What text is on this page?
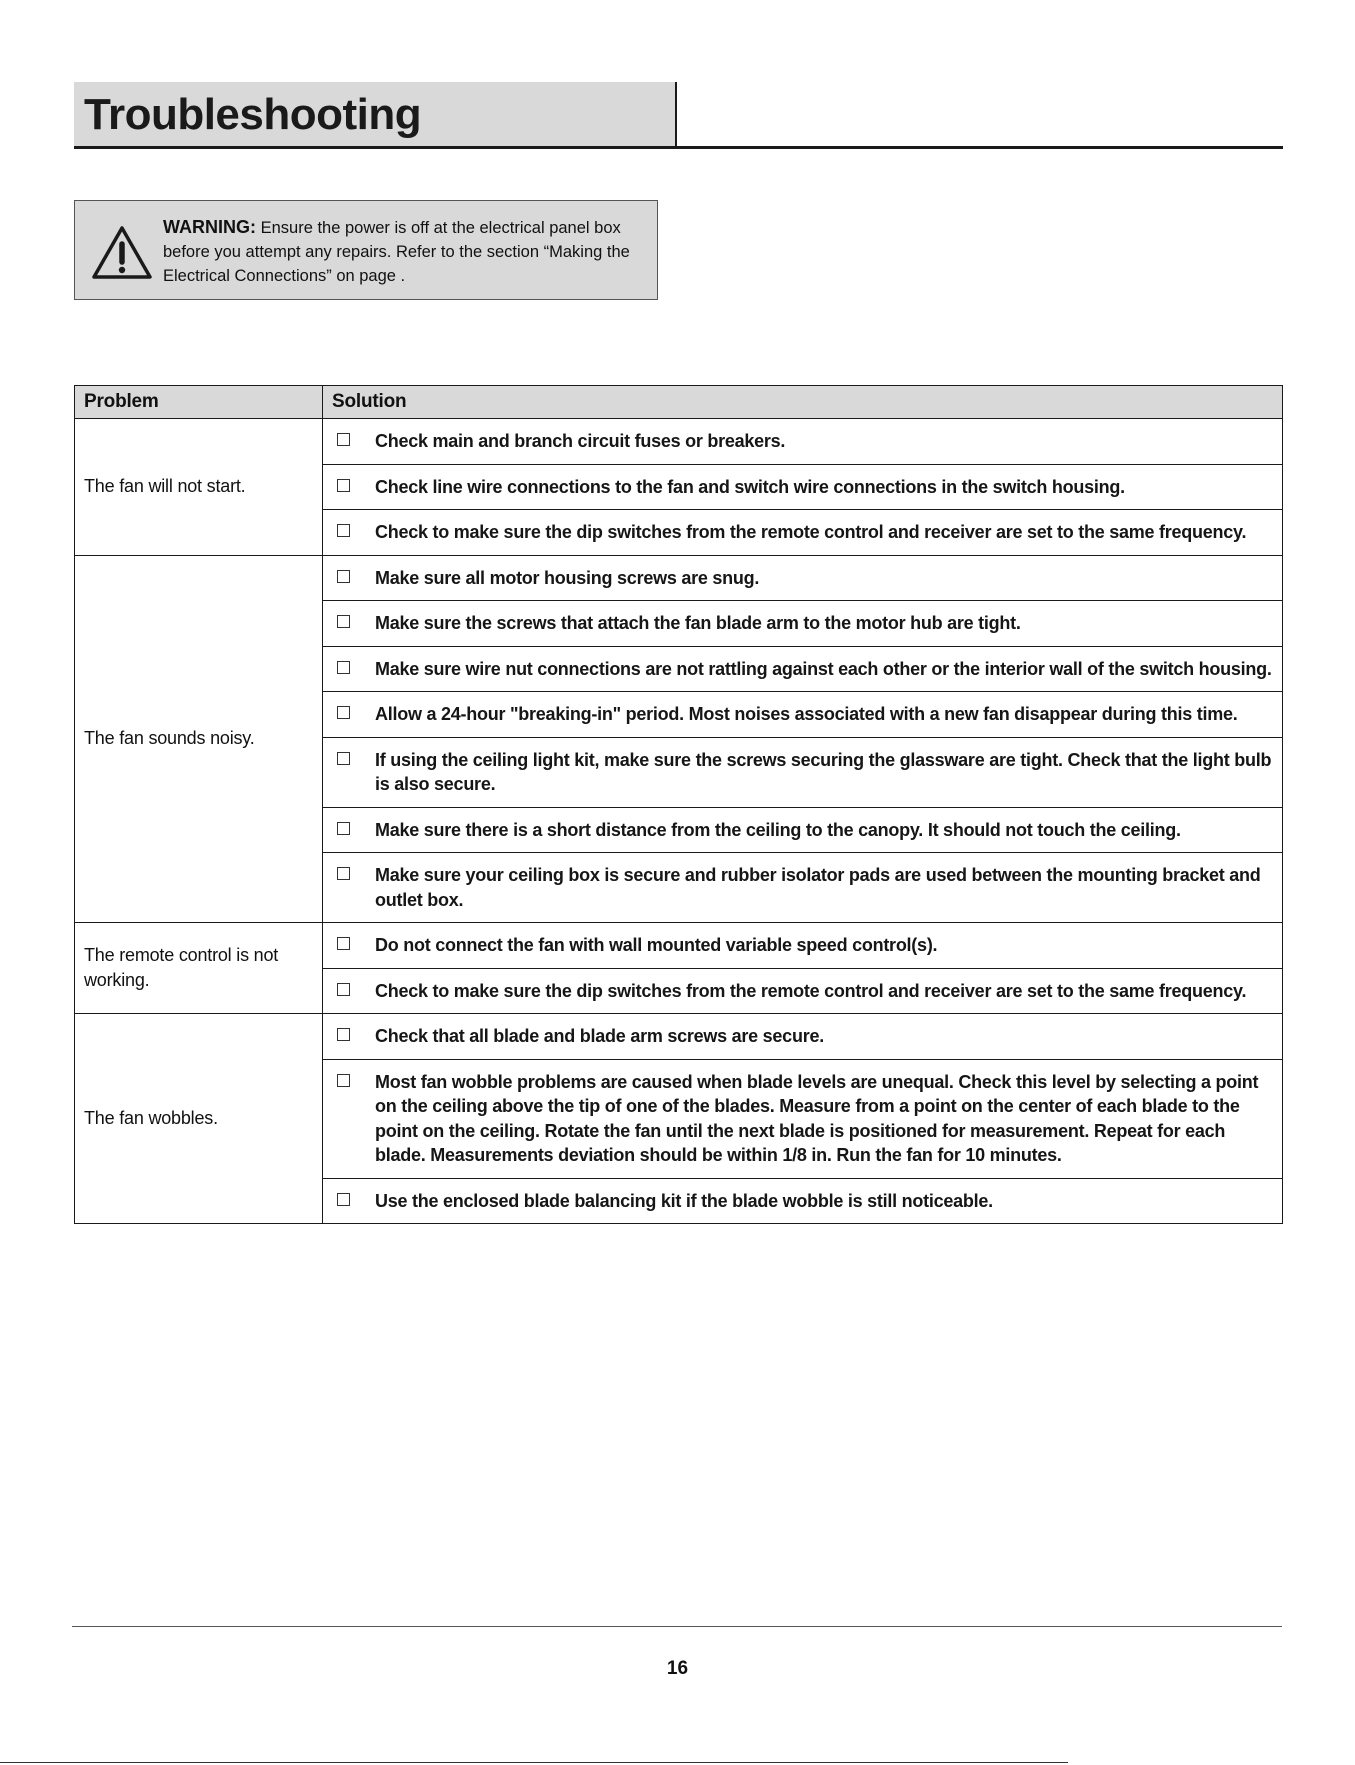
Troubleshooting
WARNING: Ensure the power is off at the electrical panel box before you attempt any repairs. Refer to the section “Making the Electrical Connections” on page .
Problem	Solution
The fan will not start.	Check main and branch circuit fuses or breakers.

Check line wire connections to the fan and switch wire connections in the switch housing.

Check to make sure the dip switches from the remote control and receiver are set to the same frequency.

The fan sounds noisy.	Make sure all motor housing screws are snug.

Make sure the screws that attach the fan blade arm to the motor hub are tight.

Make sure wire nut connections are not rattling against each other or the interior wall of the switch housing.

Allow a 24-hour "breaking-in" period. Most noises associated with a new fan disappear during this time.

If using the ceiling light kit, make sure the screws securing the glassware are tight. Check that the light bulb is also secure.

Make sure there is a short distance from the ceiling to the canopy. It should not touch the ceiling.

Make sure your ceiling box is secure and rubber isolator pads are used between the mounting bracket and outlet box.

The remote control is not working.	Do not connect the fan with wall mounted variable speed control(s).

Check to make sure the dip switches from the remote control and receiver are set to the same frequency.

The fan wobbles.	Check that all blade and blade arm screws are secure.

Most fan wobble problems are caused when blade levels are unequal. Check this level by selecting a point on the ceiling above the tip of one of the blades. Measure from a point on the center of each blade to the point on the ceiling. Rotate the fan until the next blade is positioned for measurement. Repeat for each blade. Measurements deviation should be within 1/8 in. Run the fan for 10 minutes.

Use the enclosed blade balancing kit if the blade wobble is still noticeable.
16
